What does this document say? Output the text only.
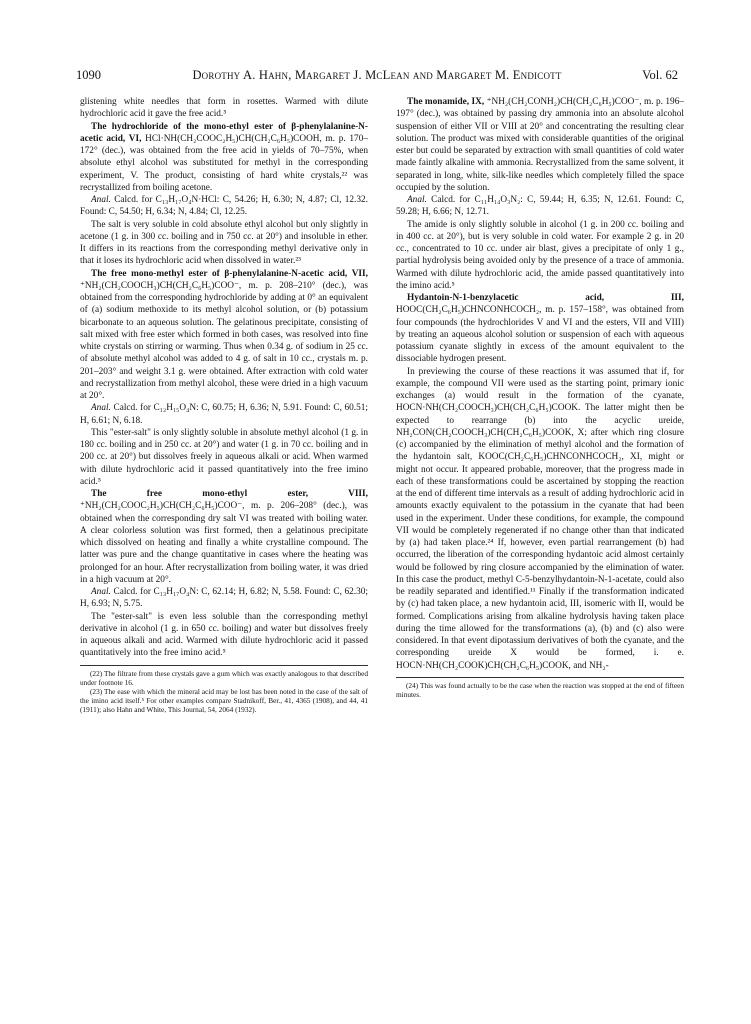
1090	Dorothy A. Hahn, Margaret J. McLean and Margaret M. Endicott	Vol. 62

glistening white needles that form in rosettes. Warmed with dilute hydrochloric acid it gave the free acid.⁵

The hydrochloride of the mono-ethyl ester of β-phenylalanine-N-acetic acid, VI, HCl·NH(CH₂COOC₂H₅)CH(CH₂C₆H₅)COOH, m. p. 170–172° (dec.), was obtained from the free acid in yields of 70–75%, when absolute ethyl alcohol was substituted for methyl in the corresponding experiment, V. The product, consisting of hard white crystals,²² was recrystallized from boiling acetone.

Anal. Calcd. for C₁₃H₁₇O₄N·HCl: C, 54.26; H, 6.30; N, 4.87; Cl, 12.32. Found: C, 54.50; H, 6.34; N, 4.84; Cl, 12.25.

The salt is very soluble in cold absolute ethyl alcohol but only slightly in acetone (1 g. in 300 cc. boiling and in 750 cc. at 20°) and insoluble in ether. It differs in its reactions from the corresponding methyl derivative only in that it loses its hydrochloric acid when dissolved in water.²³

The free mono-methyl ester of β-phenylalanine-N-acetic acid, VII, ⁺NH₂(CH₂COOCH₃)CH(CH₂C₆H₅)COO⁻, m. p. 208–210° (dec.), was obtained from the corresponding hydrochloride by adding at 0° an equivalent of (a) sodium methoxide to its methyl alcohol solution, or (b) potassium bicarbonate to an aqueous solution. The gelatinous precipitate, consisting of salt mixed with free ester which formed in both cases, was resolved into fine white crystals on stirring or warming. Thus when 0.34 g. of sodium in 25 cc. of absolute methyl alcohol was added to 4 g. of salt in 10 cc., crystals m. p. 201–203° and weight 3.1 g. were obtained. After extraction with cold water and recrystallization from methyl alcohol, these were dried in a high vacuum at 20°.

Anal. Calcd. for C₁₂H₁₅O₄N: C, 60.75; H, 6.36; N, 5.91. Found: C, 60.51; H, 6.61; N, 6.18.

This "ester-salt" is only slightly soluble in absolute methyl alcohol (1 g. in 180 cc. boiling and in 250 cc. at 20°) and water (1 g. in 70 cc. boiling and in 200 cc. at 20°) but dissolves freely in aqueous alkali or acid. When warmed with dilute hydrochloric acid it passed quantitatively into the free imino acid.⁵

The free mono-ethyl ester, VIII, ⁺NH₂(CH₂COOC₂H₅)CH(CH₂C₆H₅)COO⁻, m. p. 206–208° (dec.), was obtained when the corresponding dry salt VI was treated with boiling water. A clear colorless solution was first formed, then a gelatinous precipitate which dissolved on heating and finally a white crystalline compound. The latter was pure and the change quantitative in cases where the heating was prolonged for an hour. After recrystallization from boiling water, it was dried in a high vacuum at 20°.

Anal. Calcd. for C₁₃H₁₇O₄N: C, 62.14; H, 6.82; N, 5.58. Found: C, 62.30; H, 6.93; N, 5.75.

The "ester-salt" is even less soluble than the corresponding methyl derivative in alcohol (1 g. in 650 cc. boiling) and water but dissolves freely in aqueous alkali and acid. Warmed with dilute hydrochloric acid it passed quantitatively into the free imino acid.⁵

(22) The filtrate from these crystals gave a gum which was exactly analogous to that described under footnote 16.

(23) The ease with which the mineral acid may be lost has been noted in the case of the salt of the imino acid itself.⁵ For other examples compare Stadnikoff, Ber., 41, 4365 (1908), and 44, 41 (1911); also Hahn and White, This Journal, 54, 2064 (1932).

The monamide, IX, ⁺NH₂(CH₂CONH₂)CH(CH₂C₆H₅)COO⁻, m. p. 196–197° (dec.), was obtained by passing dry ammonia into an absolute alcohol suspension of either VII or VIII at 20° and concentrating the resulting clear solution. The product was mixed with considerable quantities of the original ester but could be separated by extraction with small quantities of cold water made faintly alkaline with ammonia. Recrystallized from the same solvent, it separated in long, white, silk-like needles which completely filled the space occupied by the solution.

Anal. Calcd. for C₁₁H₁₄O₃N₂: C, 59.44; H, 6.35; N, 12.61. Found: C, 59.28; H, 6.66; N, 12.71.

The amide is only slightly soluble in alcohol (1 g. in 200 cc. boiling and in 400 cc. at 20°), but is very soluble in cold water. For example 2 g. in 20 cc., concentrated to 10 cc. under air blast, gives a precipitate of only 1 g., partial hydrolysis being avoided only by the presence of a trace of ammonia. Warmed with dilute hydrochloric acid, the amide passed quantitatively into the imino acid.⁵

Hydantoin-N-1-benzylacetic acid, III, HOOC(CH₂C₆H₅)CHNCONHCOCH₂, m. p. 157–158°, was obtained from four compounds (the hydrochlorides V and VI and the esters, VII and VIII) by treating an aqueous alcohol solution or suspension of each with aqueous potassium cyanate slightly in excess of the amount equivalent to the dissociable hydrogen present.

In previewing the course of these reactions it was assumed that if, for example, the compound VII were used as the starting point, primary ionic exchanges (a) would result in the formation of the cyanate, HOCN·NH(CH₂COOCH₃)CH(CH₂C₆H₅)COOK. The latter might then be expected to rearrange (b) into the acyclic ureide, NH₂CON(CH₂COOCH₃)CH(CH₂C₆H₅)COOK, X; after which ring closure (c) accompanied by the elimination of methyl alcohol and the formation of the hydantoin salt, KOOC(CH₂C₆H₅)CHNCONHCOCH₂, XI, might or might not occur. It appeared probable, moreover, that the progress made in each of these transformations could be ascertained by stopping the reaction at the end of different time intervals as a result of adding hydrochloric acid in amounts exactly equivalent to the potassium in the cyanate that had been used in the experiment. Under these conditions, for example, the compound VII would be completely regenerated if no change other than that indicated by (a) had taken place.²⁴ If, however, even partial rearrangement (b) had occurred, the liberation of the corresponding hydantoic acid almost certainly would be followed by ring closure accompanied by the elimination of water. In this case the product, methyl C-5-benzylhydantoin-N-1-acetate, could also be readily separated and identified.¹¹ Finally if the transformation indicated by (c) had taken place, a new hydantoin acid, III, isomeric with II, would be formed. Complications arising from alkaline hydrolysis having taken place during the time allowed for the transformations (a), (b) and (c) also were considered. In that event dipotassium derivatives of both the cyanate, and the corresponding ureide X would be formed, i. e. HOCN·NH(CH₂COOK)CH(CH₂C₆H₅)COOK, and NH₂-

(24) This was found actually to be the case when the reaction was stopped at the end of fifteen minutes.
